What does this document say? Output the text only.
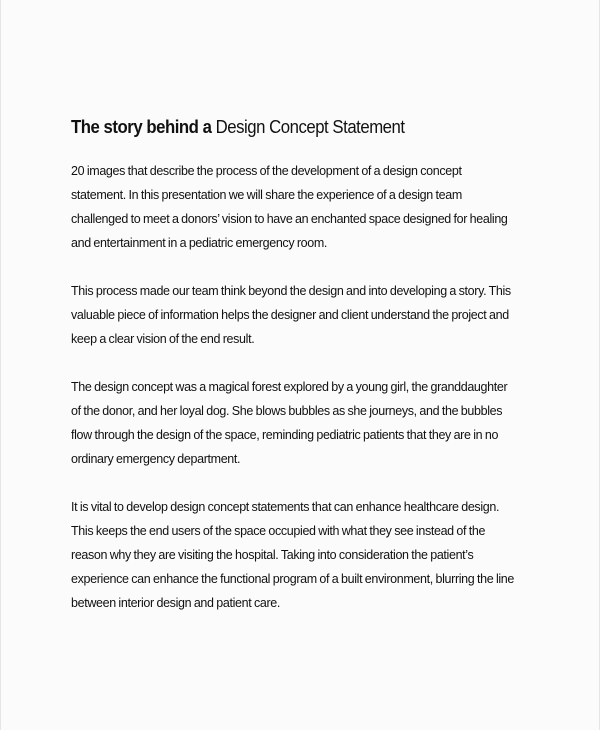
The story behind a Design Concept Statement

20 images that describe the process of the development of a design concept statement. In this presentation we will share the experience of a design team challenged to meet a donors’ vision to have an enchanted space designed for healing and entertainment in a pediatric emergency room.

This process made our team think beyond the design and into developing a story. This valuable piece of information helps the designer and client understand the project and keep a clear vision of the end result.

The design concept was a magical forest explored by a young girl, the granddaughter of the donor, and her loyal dog. She blows bubbles as she journeys, and the bubbles flow through the design of the space, reminding pediatric patients that they are in no ordinary emergency department.

It is vital to develop design concept statements that can enhance healthcare design. This keeps the end users of the space occupied with what they see instead of the reason why they are visiting the hospital. Taking into consideration the patient’s experience can enhance the functional program of a built environment, blurring the line between interior design and patient care.
